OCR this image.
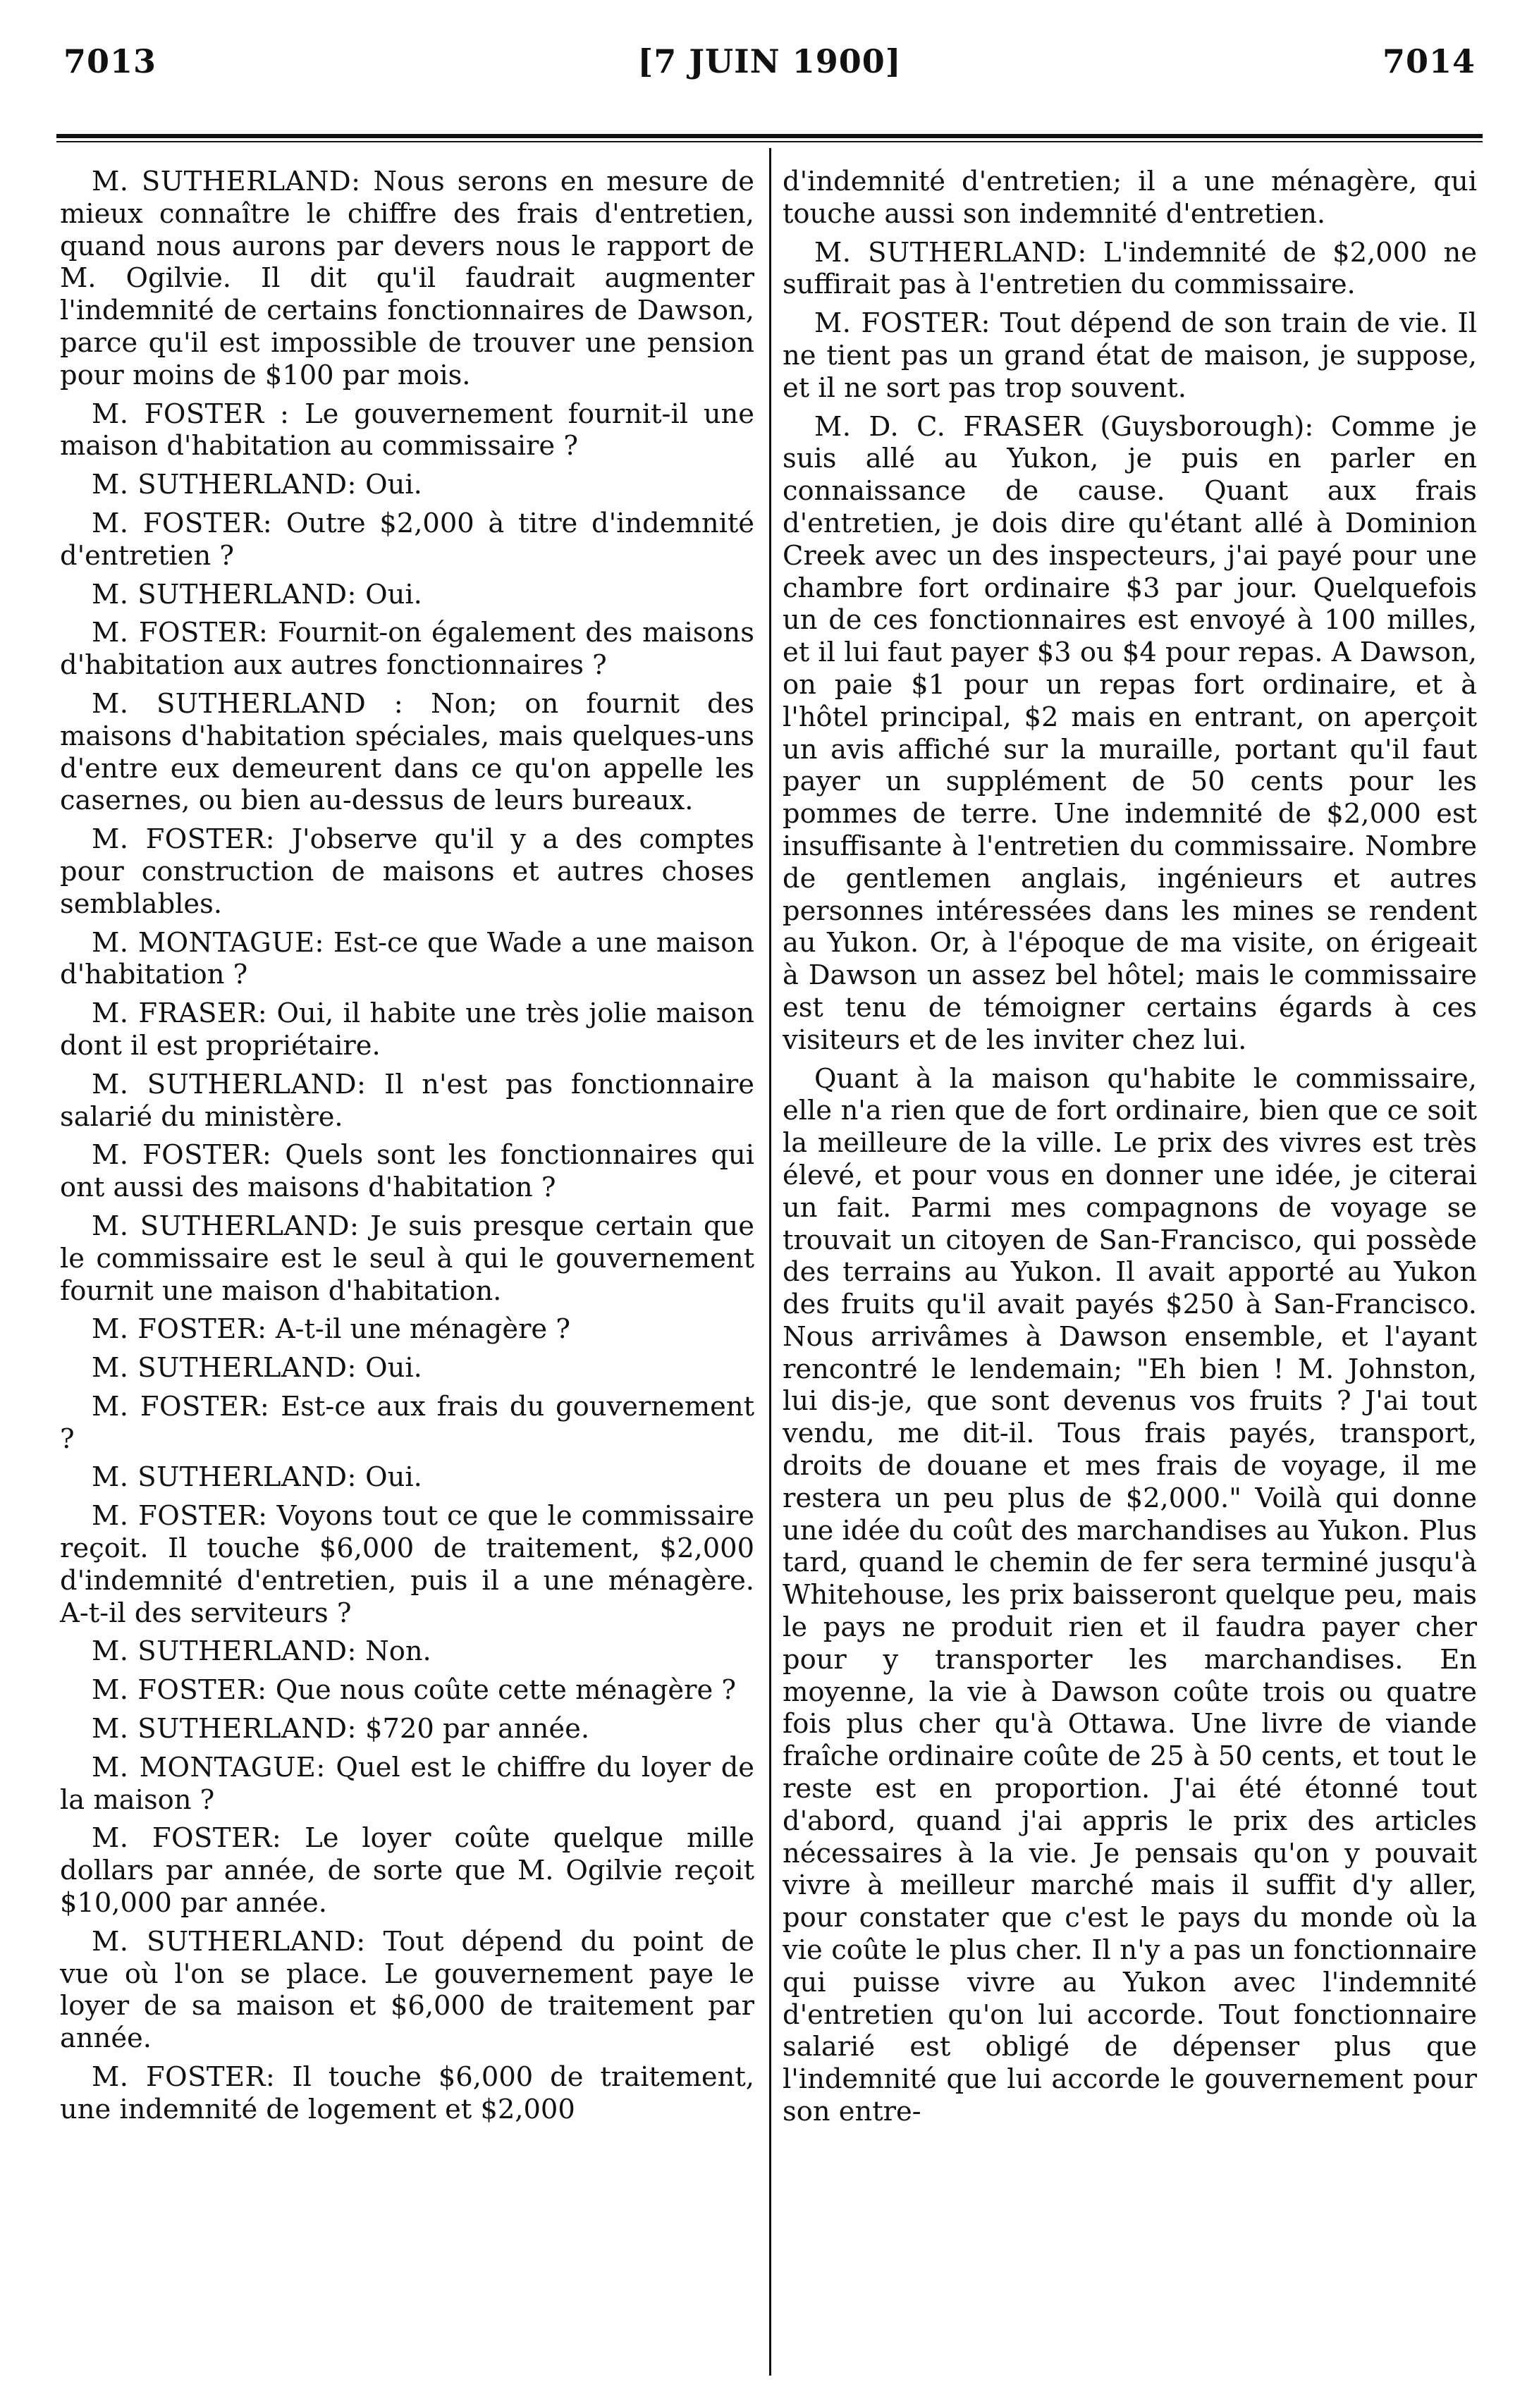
7013	[7 JUIN 1900]	7014

M. SUTHERLAND: Nous serons en mesure de mieux connaître le chiffre des frais d'entretien, quand nous aurons par devers nous le rapport de M. Ogilvie. Il dit qu'il faudrait augmenter l'indemnité de certains fonctionnaires de Dawson, parce qu'il est impossible de trouver une pension pour moins de $100 par mois.

M. FOSTER : Le gouvernement fournit-il une maison d'habitation au commissaire ?

M. SUTHERLAND: Oui.

M. FOSTER: Outre $2,000 à titre d'indemnité d'entretien ?

M. SUTHERLAND: Oui.

M. FOSTER: Fournit-on également des maisons d'habitation aux autres fonctionnaires ?

M. SUTHERLAND : Non; on fournit des maisons d'habitation spéciales, mais quelques-uns d'entre eux demeurent dans ce qu'on appelle les casernes, ou bien au-dessus de leurs bureaux.

M. FOSTER: J'observe qu'il y a des comptes pour construction de maisons et autres choses semblables.

M. MONTAGUE: Est-ce que Wade a une maison d'habitation ?

M. FRASER: Oui, il habite une très jolie maison dont il est propriétaire.

M. SUTHERLAND: Il n'est pas fonctionnaire salarié du ministère.

M. FOSTER: Quels sont les fonctionnaires qui ont aussi des maisons d'habitation ?

M. SUTHERLAND: Je suis presque certain que le commissaire est le seul à qui le gouvernement fournit une maison d'habitation.

M. FOSTER: A-t-il une ménagère ?

M. SUTHERLAND: Oui.

M. FOSTER: Est-ce aux frais du gouvernement ?

M. SUTHERLAND: Oui.

M. FOSTER: Voyons tout ce que le commissaire reçoit. Il touche $6,000 de traitement, $2,000 d'indemnité d'entretien, puis il a une ménagère. A-t-il des serviteurs ?

M. SUTHERLAND: Non.

M. FOSTER: Que nous coûte cette ménagère ?

M. SUTHERLAND: $720 par année.

M. MONTAGUE: Quel est le chiffre du loyer de la maison ?

M. FOSTER: Le loyer coûte quelque mille dollars par année, de sorte que M. Ogilvie reçoit $10,000 par année.

M. SUTHERLAND: Tout dépend du point de vue où l'on se place. Le gouvernement paye le loyer de sa maison et $6,000 de traitement par année.

M. FOSTER: Il touche $6,000 de traitement, une indemnité de logement et $2,000

d'indemnité d'entretien; il a une ménagère, qui touche aussi son indemnité d'entretien.

M. SUTHERLAND: L'indemnité de $2,000 ne suffirait pas à l'entretien du commissaire.

M. FOSTER: Tout dépend de son train de vie. Il ne tient pas un grand état de maison, je suppose, et il ne sort pas trop souvent.

M. D. C. FRASER (Guysborough): Comme je suis allé au Yukon, je puis en parler en connaissance de cause. Quant aux frais d'entretien, je dois dire qu'étant allé à Dominion Creek avec un des inspecteurs, j'ai payé pour une chambre fort ordinaire $3 par jour. Quelquefois un de ces fonctionnaires est envoyé à 100 milles, et il lui faut payer $3 ou $4 pour repas. A Dawson, on paie $1 pour un repas fort ordinaire, et à l'hôtel principal, $2 mais en entrant, on aperçoit un avis affiché sur la muraille, portant qu'il faut payer un supplément de 50 cents pour les pommes de terre. Une indemnité de $2,000 est insuffisante à l'entretien du commissaire. Nombre de gentlemen anglais, ingénieurs et autres personnes intéressées dans les mines se rendent au Yukon. Or, à l'époque de ma visite, on érigeait à Dawson un assez bel hôtel; mais le commissaire est tenu de témoigner certains égards à ces visiteurs et de les inviter chez lui.

Quant à la maison qu'habite le commissaire, elle n'a rien que de fort ordinaire, bien que ce soit la meilleure de la ville. Le prix des vivres est très élevé, et pour vous en donner une idée, je citerai un fait. Parmi mes compagnons de voyage se trouvait un citoyen de San-Francisco, qui possède des terrains au Yukon. Il avait apporté au Yukon des fruits qu'il avait payés $250 à San-Francisco. Nous arrivâmes à Dawson ensemble, et l'ayant rencontré le lendemain; "Eh bien ! M. Johnston, lui dis-je, que sont devenus vos fruits ? J'ai tout vendu, me dit-il. Tous frais payés, transport, droits de douane et mes frais de voyage, il me restera un peu plus de $2,000." Voilà qui donne une idée du coût des marchandises au Yukon. Plus tard, quand le chemin de fer sera terminé jusqu'à Whitehouse, les prix baisseront quelque peu, mais le pays ne produit rien et il faudra payer cher pour y transporter les marchandises. En moyenne, la vie à Dawson coûte trois ou quatre fois plus cher qu'à Ottawa. Une livre de viande fraîche ordinaire coûte de 25 à 50 cents, et tout le reste est en proportion. J'ai été étonné tout d'abord, quand j'ai appris le prix des articles nécessaires à la vie. Je pensais qu'on y pouvait vivre à meilleur marché mais il suffit d'y aller, pour constater que c'est le pays du monde où la vie coûte le plus cher. Il n'y a pas un fonctionnaire qui puisse vivre au Yukon avec l'indemnité d'entretien qu'on lui accorde. Tout fonctionnaire salarié est obligé de dépenser plus que l'indemnité que lui accorde le gouvernement pour son entre-
